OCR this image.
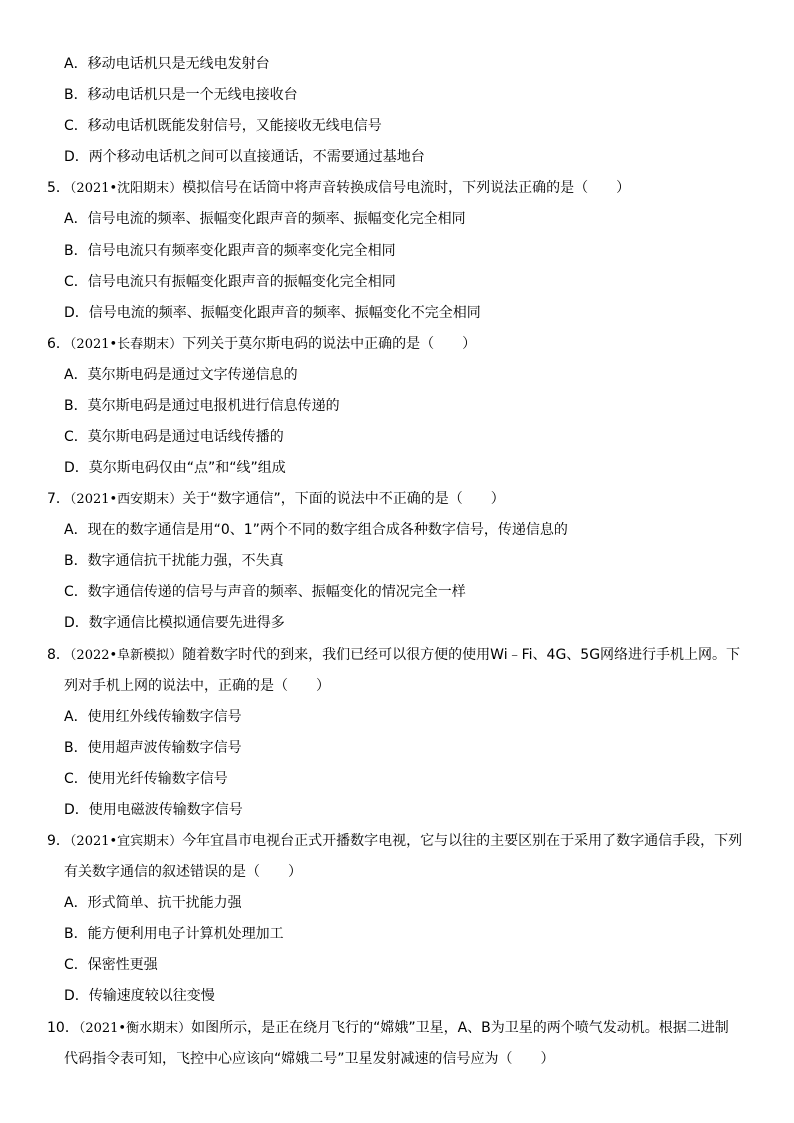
A．移动电话机只是无线电发射台
B．移动电话机只是一个无线电接收台
C．移动电话机既能发射信号，又能接收无线电信号
D．两个移动电话机之间可以直接通话，不需要通过基地台
5．（2021•沈阳期末）模拟信号在话筒中将声音转换成信号电流时，下列说法正确的是（　　）
A．信号电流的频率、振幅变化跟声音的频率、振幅变化完全相同
B．信号电流只有频率变化跟声音的频率变化完全相同
C．信号电流只有振幅变化跟声音的振幅变化完全相同
D．信号电流的频率、振幅变化跟声音的频率、振幅变化不完全相同
6．（2021•长春期末）下列关于莫尔斯电码的说法中正确的是（　　）
A．莫尔斯电码是通过文字传递信息的
B．莫尔斯电码是通过电报机进行信息传递的
C．莫尔斯电码是通过电话线传播的
D．莫尔斯电码仅由“点”和“线”组成
7．（2021•西安期末）关于“数字通信”，下面的说法中不正确的是（　　）
A．现在的数字通信是用“0、1”两个不同的数字组合成各种数字信号，传递信息的
B．数字通信抗干扰能力强，不失真
C．数字通信传递的信号与声音的频率、振幅变化的情况完全一样
D．数字通信比模拟通信要先进得多
8．（2022•阜新模拟）随着数字时代的到来，我们已经可以很方便的使用Wi﹣Fi、4G、5G网络进行手机上网。下
列对手机上网的说法中，正确的是（　　）
A．使用红外线传输数字信号
B．使用超声波传输数字信号
C．使用光纤传输数字信号
D．使用电磁波传输数字信号
9．（2021•宜宾期末）今年宜昌市电视台正式开播数字电视，它与以往的主要区别在于采用了数字通信手段，下列
有关数字通信的叙述错误的是（　　）
A．形式简单、抗干扰能力强
B．能方便利用电子计算机处理加工
C．保密性更强
D．传输速度较以往变慢
10．（2021•衡水期末）如图所示，是正在绕月飞行的“嫦娥”卫星，A、B为卫星的两个喷气发动机。根据二进制
代码指令表可知，飞控中心应该向“嫦娥二号”卫星发射减速的信号应为（　　）
